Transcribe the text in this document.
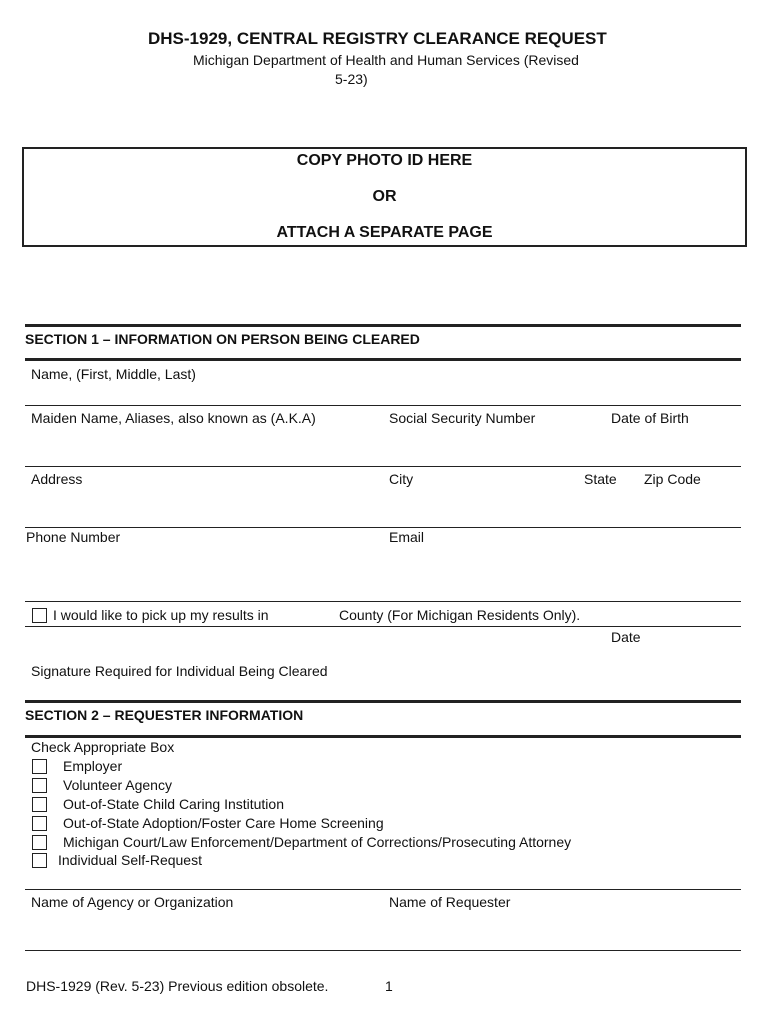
DHS-1929, CENTRAL REGISTRY CLEARANCE REQUEST
Michigan Department of Health and Human Services (Revised
5-23)
COPY PHOTO ID HERE
OR
ATTACH A SEPARATE PAGE
SECTION 1 – INFORMATION ON PERSON BEING CLEARED
Name, (First, Middle, Last)
Maiden Name, Aliases, also known as (A.K.A)	Social Security Number	Date of Birth
Address	City	State Zip Code
Phone Number	Email
I would like to pick up my results in	County (For Michigan Residents Only).
Date
Signature Required for Individual Being Cleared
SECTION 2 – REQUESTER INFORMATION
Check Appropriate Box
Employer
Volunteer Agency
Out-of-State Child Caring Institution
Out-of-State Adoption/Foster Care Home Screening
Michigan Court/Law Enforcement/Department of Corrections/Prosecuting Attorney
Individual Self-Request
Name of Agency or Organization	Name of Requester
DHS-1929 (Rev. 5-23) Previous edition obsolete.	1
